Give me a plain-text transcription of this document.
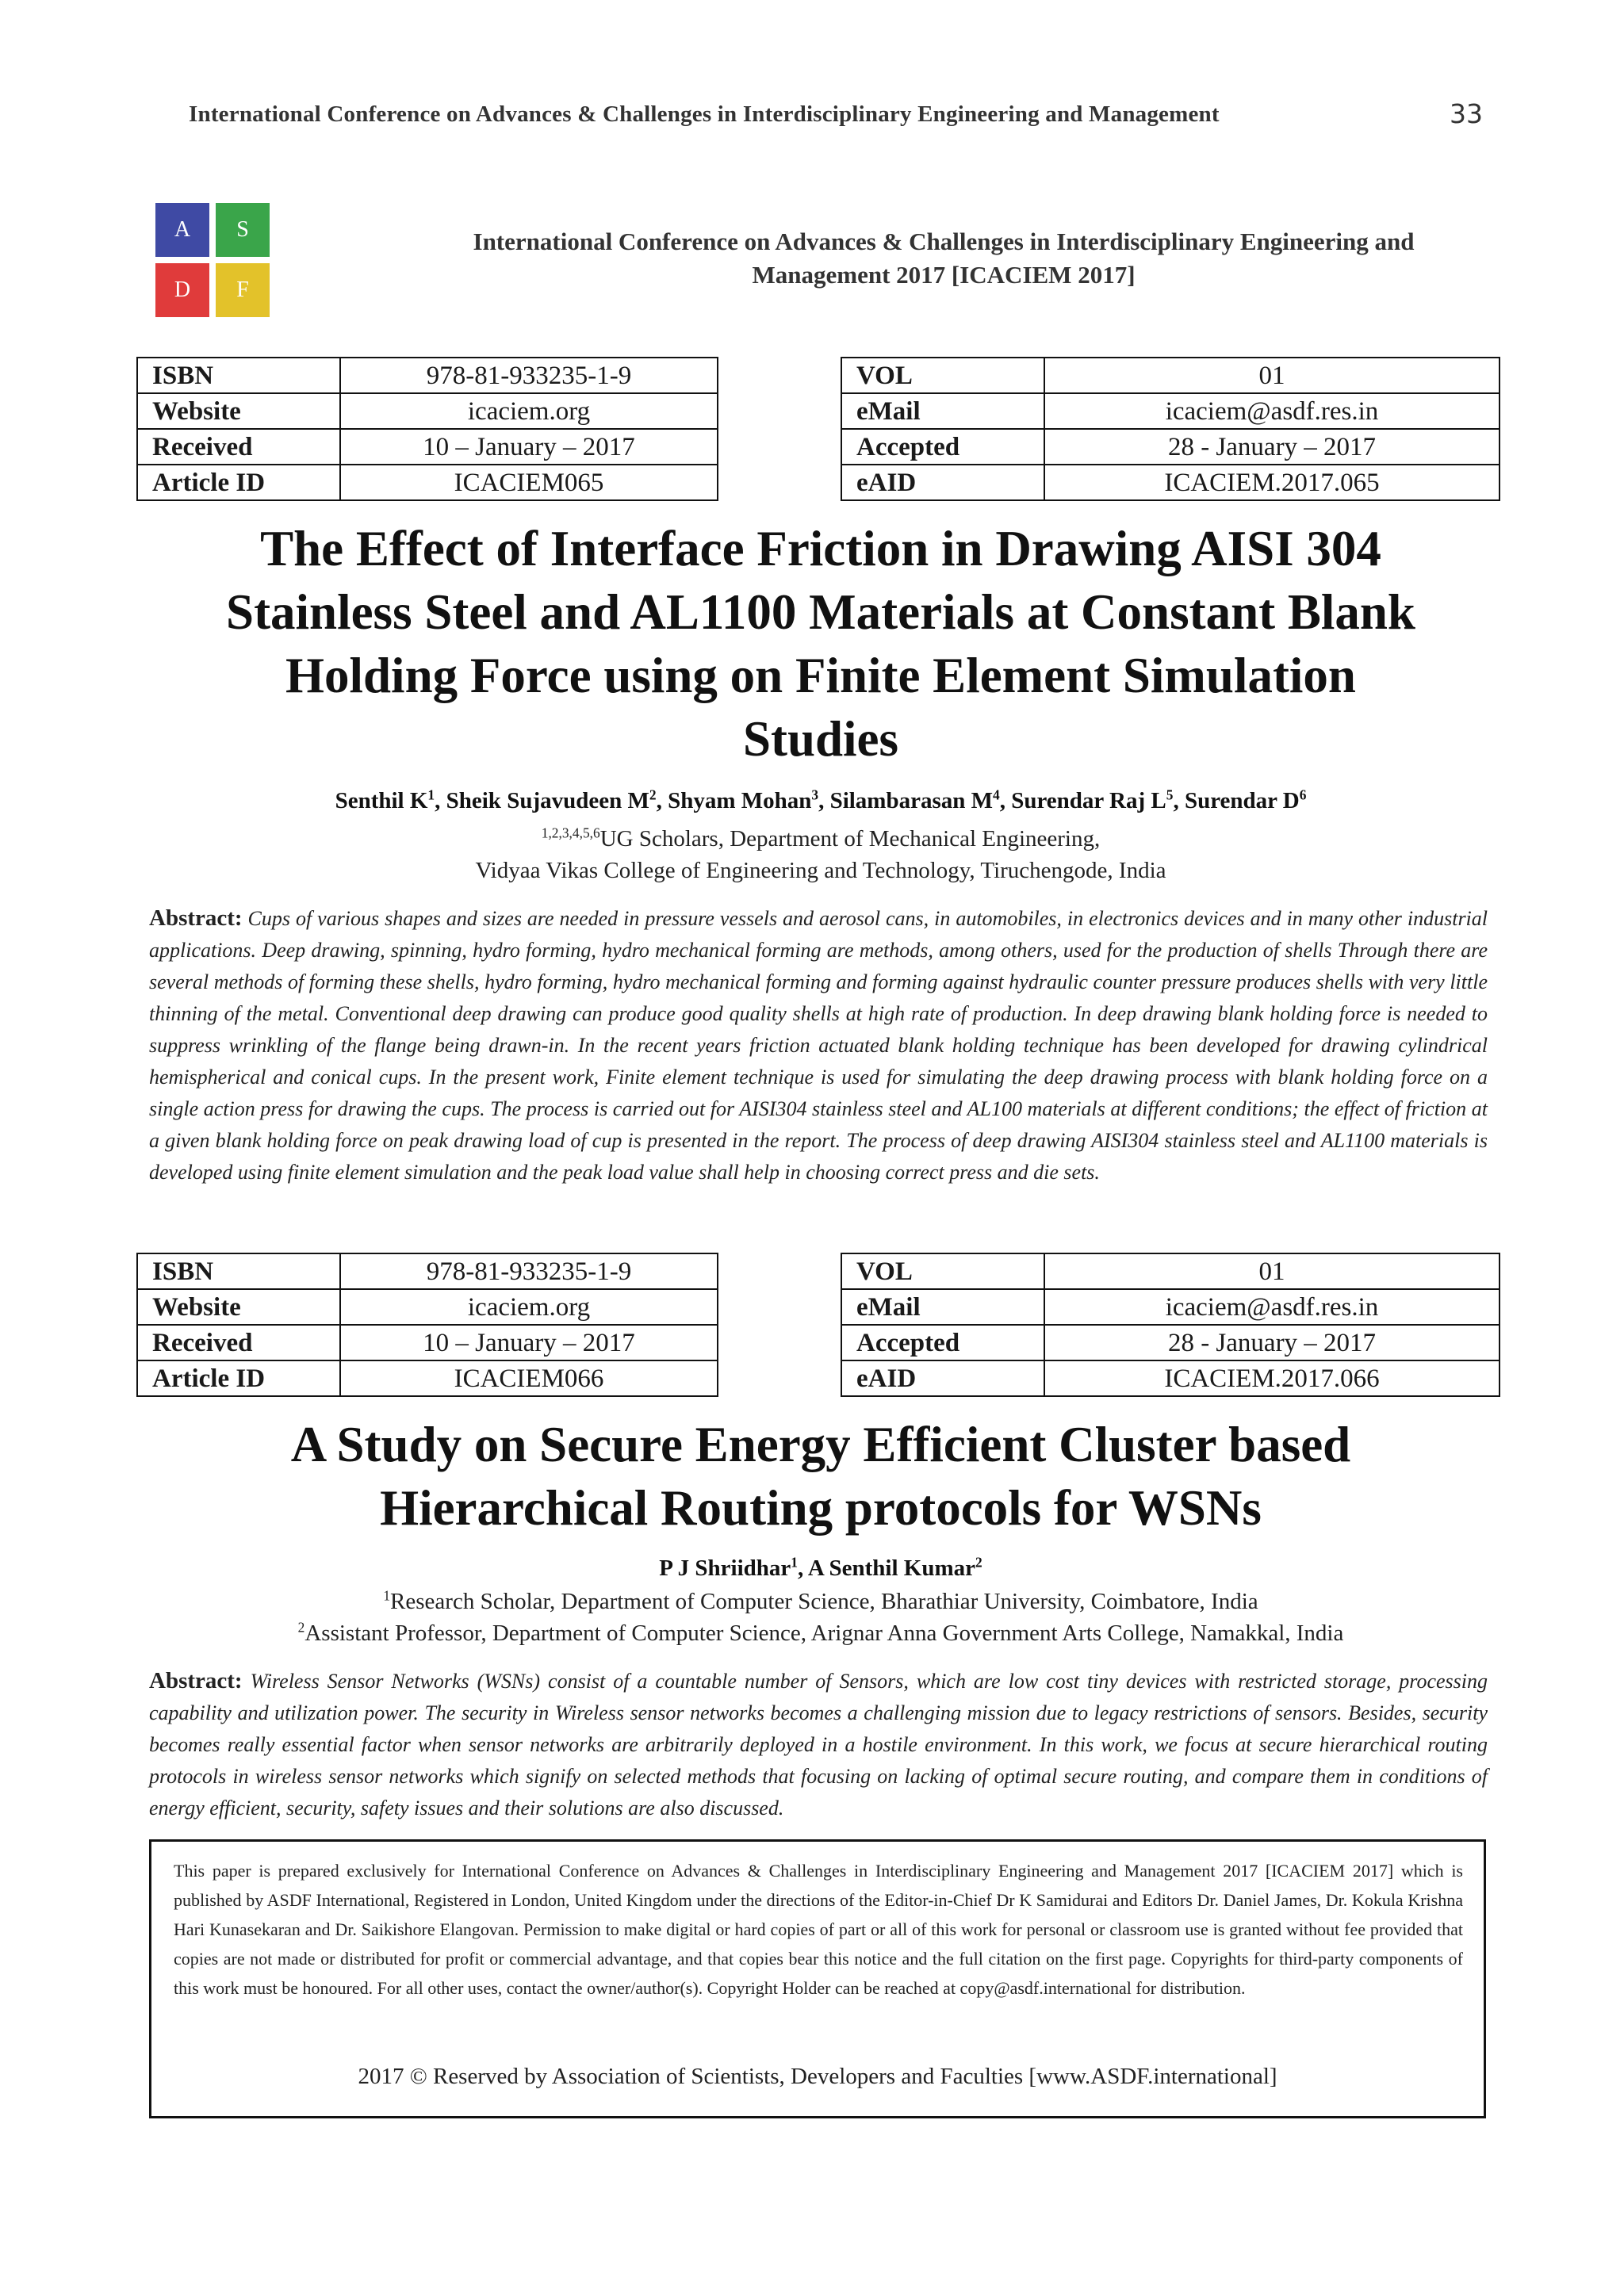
International Conference on Advances & Challenges in Interdisciplinary Engineering and Management	33
A	S
D	F
International Conference on Advances & Challenges in Interdisciplinary Engineering and
Management 2017 [ICACIEM 2017]
ISBN	978-81-933235-1-9
Website	icaciem.org
Received	10 – January – 2017
Article ID	ICACIEM065
VOL	01
eMail	icaciem@asdf.res.in
Accepted	28 - January – 2017
eAID	ICACIEM.2017.065
The Effect of Interface Friction in Drawing AISI 304
Stainless Steel and AL1100 Materials at Constant Blank
Holding Force using on Finite Element Simulation
Studies
Senthil $K^1$, Sheik Sujavudeen $M^2$, Shyam Mohan$^3$, Silambarasan $M^4$, Surendar Raj $L^5$, Surendar $D^6$
$^{1,2,3,4,5,6}$UG Scholars, Department of Mechanical Engineering,
Vidyaa Vikas College of Engineering and Technology, Tiruchengode, India
Abstract: Cups of various shapes and sizes are needed in pressure vessels and aerosol cans, in automobiles, in electronics devices and in many other industrial applications. Deep drawing, spinning, hydro forming, hydro mechanical forming are methods, among others, used for the production of shells Through there are several methods of forming these shells, hydro forming, hydro mechanical forming and forming against hydraulic counter pressure produces shells with very little thinning of the metal. Conventional deep drawing can produce good quality shells at high rate of production. In deep drawing blank holding force is needed to suppress wrinkling of the flange being drawn-in. In the recent years friction actuated blank holding technique has been developed for drawing cylindrical hemispherical and conical cups. In the present work, Finite element technique is used for simulating the deep drawing process with blank holding force on a single action press for drawing the cups. The process is carried out for AISI304 stainless steel and AL100 materials at different conditions; the effect of friction at a given blank holding force on peak drawing load of cup is presented in the report. The process of deep drawing AISI304 stainless steel and AL1100 materials is developed using finite element simulation and the peak load value shall help in choosing correct press and die sets.
ISBN	978-81-933235-1-9
Website	icaciem.org
Received	10 – January – 2017
Article ID	ICACIEM066
VOL	01
eMail	icaciem@asdf.res.in
Accepted	28 - January – 2017
eAID	ICACIEM.2017.066
A Study on Secure Energy Efficient Cluster based
Hierarchical Routing protocols for WSNs
P J Shriidhar$^1$, A Senthil Kumar$^2$
$^1$Research Scholar, Department of Computer Science, Bharathiar University, Coimbatore, India
$^2$Assistant Professor, Department of Computer Science, Arignar Anna Government Arts College, Namakkal, India
Abstract: Wireless Sensor Networks (WSNs) consist of a countable number of Sensors, which are low cost tiny devices with restricted storage, processing capability and utilization power. The security in Wireless sensor networks becomes a challenging mission due to legacy restrictions of sensors. Besides, security becomes really essential factor when sensor networks are arbitrarily deployed in a hostile environment. In this work, we focus at secure hierarchical routing protocols in wireless sensor networks which signify on selected methods that focusing on lacking of optimal secure routing, and compare them in conditions of energy efficient, security, safety issues and their solutions are also discussed.
This paper is prepared exclusively for International Conference on Advances & Challenges in Interdisciplinary Engineering and Management 2017 [ICACIEM 2017] which is published by ASDF International, Registered in London, United Kingdom under the directions of the Editor-in-Chief Dr K Samidurai and Editors Dr. Daniel James, Dr. Kokula Krishna Hari Kunasekaran and Dr. Saikishore Elangovan. Permission to make digital or hard copies of part or all of this work for personal or classroom use is granted without fee provided that copies are not made or distributed for profit or commercial advantage, and that copies bear this notice and the full citation on the first page. Copyrights for third-party components of this work must be honoured. For all other uses, contact the owner/author(s). Copyright Holder can be reached at copy@asdf.international for distribution.
2017 © Reserved by Association of Scientists, Developers and Faculties [www.ASDF.international]
